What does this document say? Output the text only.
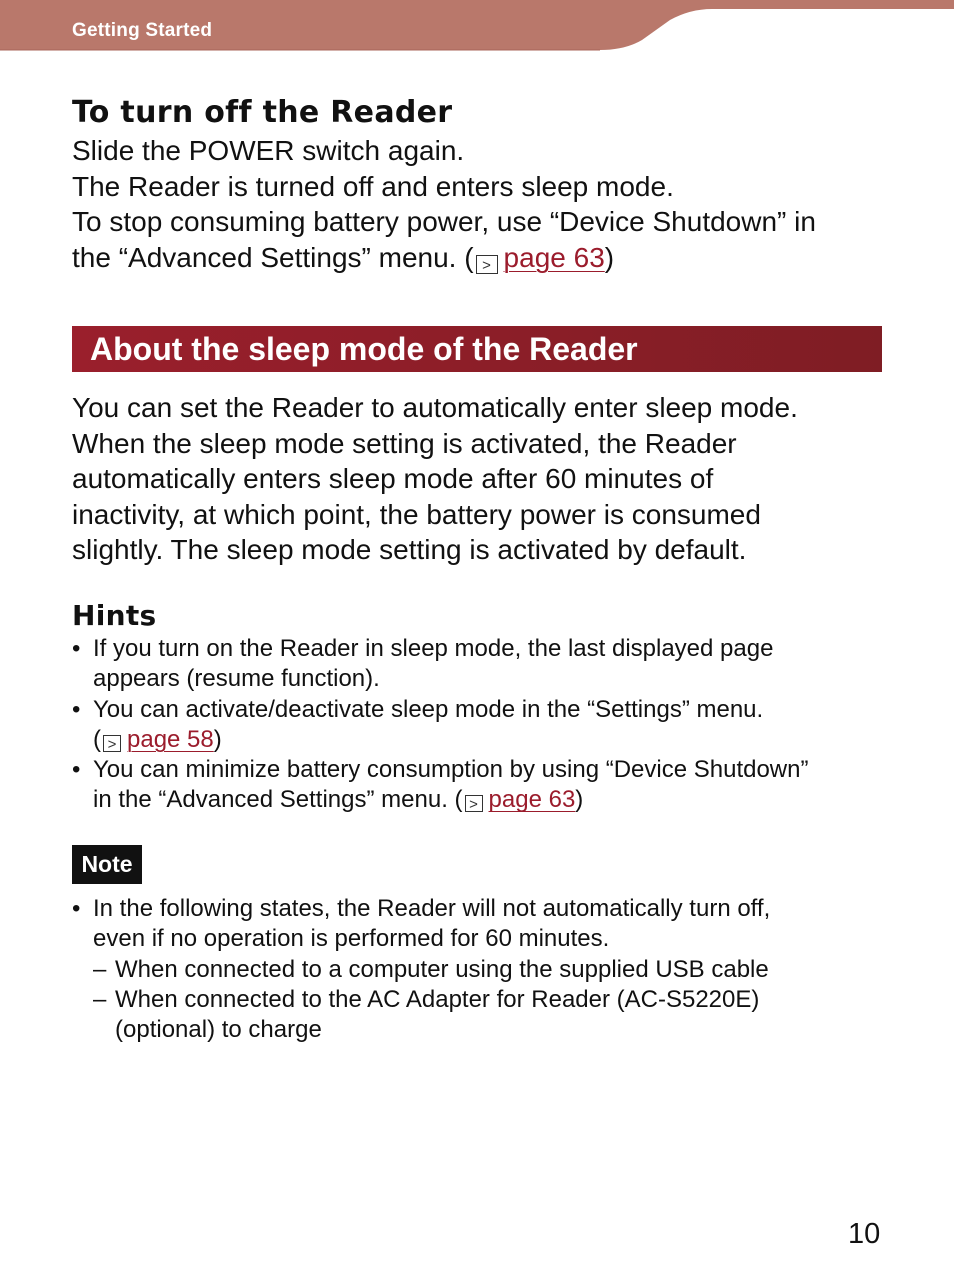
Getting Started
To turn off the Reader
Slide the POWER switch again.
The Reader is turned off and enters sleep mode.
To stop consuming battery power, use “Device Shutdown” in
the “Advanced Settings” menu. ( > page 63)
You can set the Reader to automatically enter sleep mode.
When the sleep mode setting is activated, the Reader
automatically enters sleep mode after 60 minutes of
inactivity, at which point, the battery power is consumed
slightly. The sleep mode setting is activated by default.
Hints
• If you turn on the Reader in sleep mode, the last displayed page
appears (resume function).
• You can activate/deactivate sleep mode in the “Settings” menu.
( > page 58)
• You can minimize battery consumption by using “Device Shutdown”
in the “Advanced Settings” menu. ( > page 63)
• In the following states, the Reader will not automatically turn off,
even if no operation is performed for 60 minutes.
– When connected to a computer using the supplied USB cable
– When connected to the AC Adapter for Reader (AC-S5220E)
(optional) to charge
About the sleep mode of the Reader
Note
10
